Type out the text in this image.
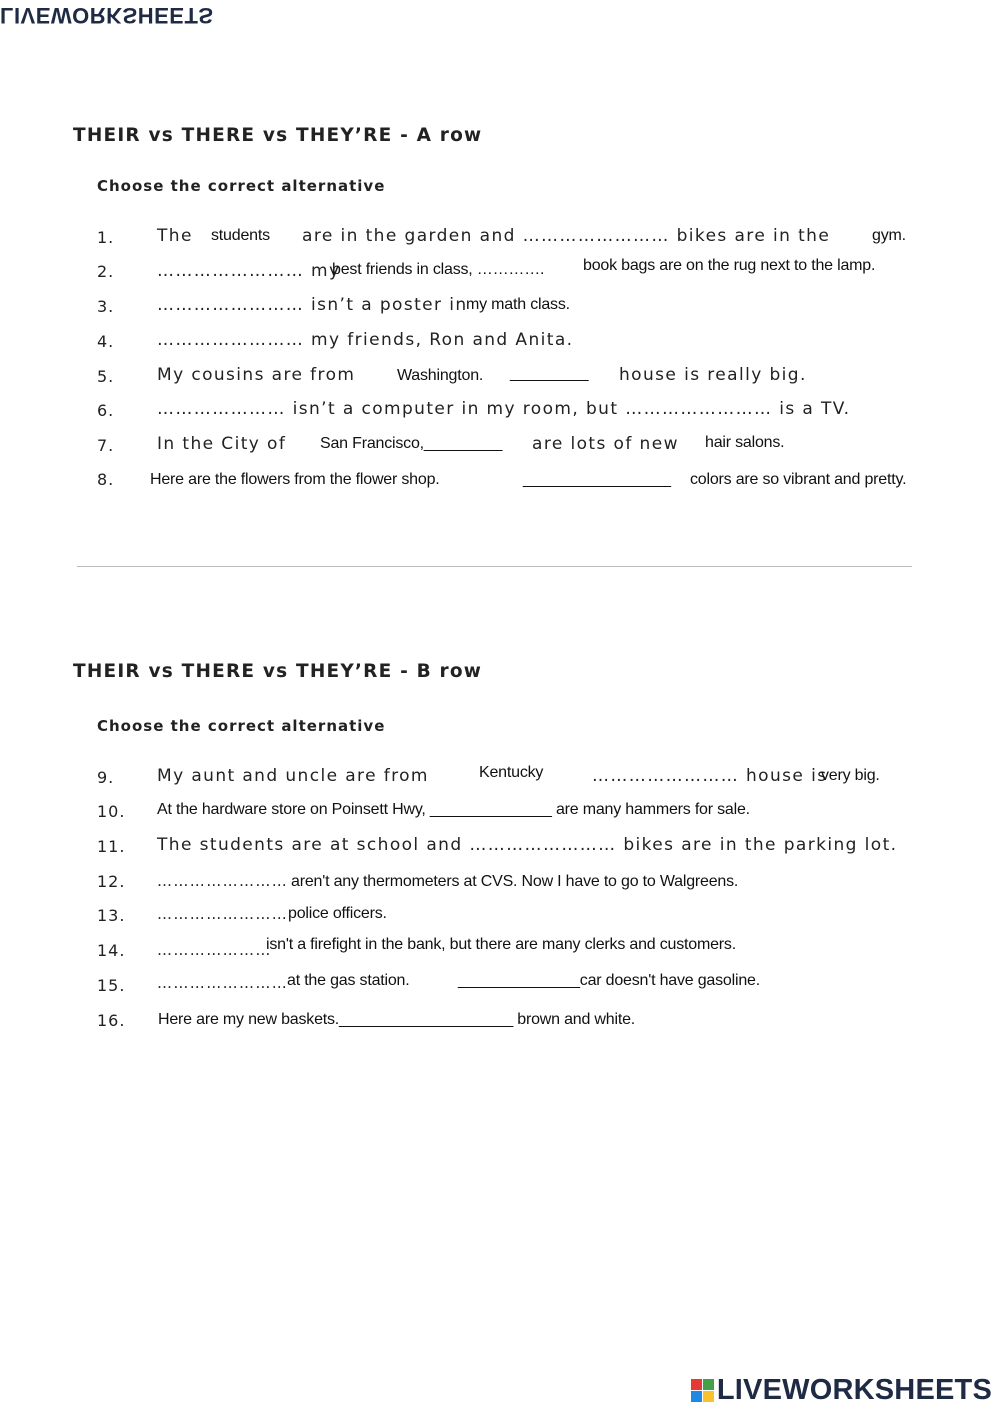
LIVEWORKSHEETS
THEIR vs THERE vs THEY’RE - A row
Choose the correct alternative
1.	The students are in the garden and …………………… bikes are in the	gym.
2.	…………………… my
best friends in class, …………. book bags are on the rug next to the lamp.
3.	…………………… isn’t a poster in
my math class.
4.	…………………… my friends, Ron and Anita.
5.	My cousins are from	Washington. _________ house is really big.
6.	………………… isn’t a computer in my room, but …………………… is a TV.
7.	In the City of San Francisco,_________ are lots of new hair salons.
8. Here are the flowers from the flower shop.	_________________ colors are so vibrant and pretty.
THEIR vs THERE vs THEY’RE - B row
Choose the correct alternative
9.	My aunt and uncle are from	Kentucky	…………………… house is
very big.
10. At the hardware store on Poinsett Hwy, ______________ are many hammers for sale.
11. The students are at school and …………………… bikes are in the parking lot.
12. …………………… aren't any thermometers at CVS. Now I have to go to Walgreens.
13. …………………… police officers.
14. …………………
isn't a firefight in the bank, but there are many clerks and customers.
15. ……………………
at the gas station.	______________car doesn't have gasoline.
16. Here are my new baskets.____________________ brown and white.
LIVEWORKSHEETS
